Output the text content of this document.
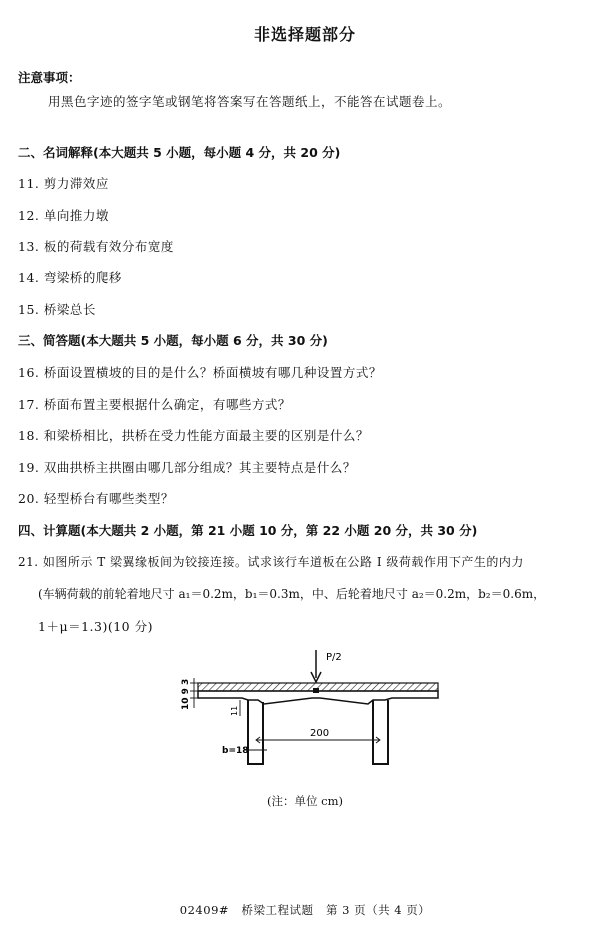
非选择题部分
注意事项：
用黑色字迹的签字笔或钢笔将答案写在答题纸上，不能答在试题卷上。
二、名词解释(本大题共 5 小题，每小题 4 分，共 20 分)
11. 剪力滞效应
12. 单向推力墩
13. 板的荷载有效分布宽度
14. 弯梁桥的爬移
15. 桥梁总长
三、简答题(本大题共 5 小题，每小题 6 分，共 30 分)
16. 桥面设置横坡的目的是什么？桥面横坡有哪几种设置方式？
17. 桥面布置主要根据什么确定，有哪些方式？
18. 和梁桥相比，拱桥在受力性能方面最主要的区别是什么？
19. 双曲拱桥主拱圈由哪几部分组成？其主要特点是什么？
20. 轻型桥台有哪些类型？
四、计算题(本大题共 2 小题，第 21 小题 10 分，第 22 小题 20 分，共 30 分)
21. 如图所示 T 梁翼缘板间为铰接连接。试求该行车道板在公路 Ⅰ 级荷载作用下产生的内力
(车辆荷载的前轮着地尺寸 a₁＝0.2m，b₁＝0.3m，中、后轮着地尺寸 a₂＝0.2m，b₂＝0.6m，
1＋μ＝1.3)(10 分)
P/2
200
b=18
10 9 3
11
(注：单位 cm)
02409#   桥梁工程试题   第 3 页（共 4 页）
